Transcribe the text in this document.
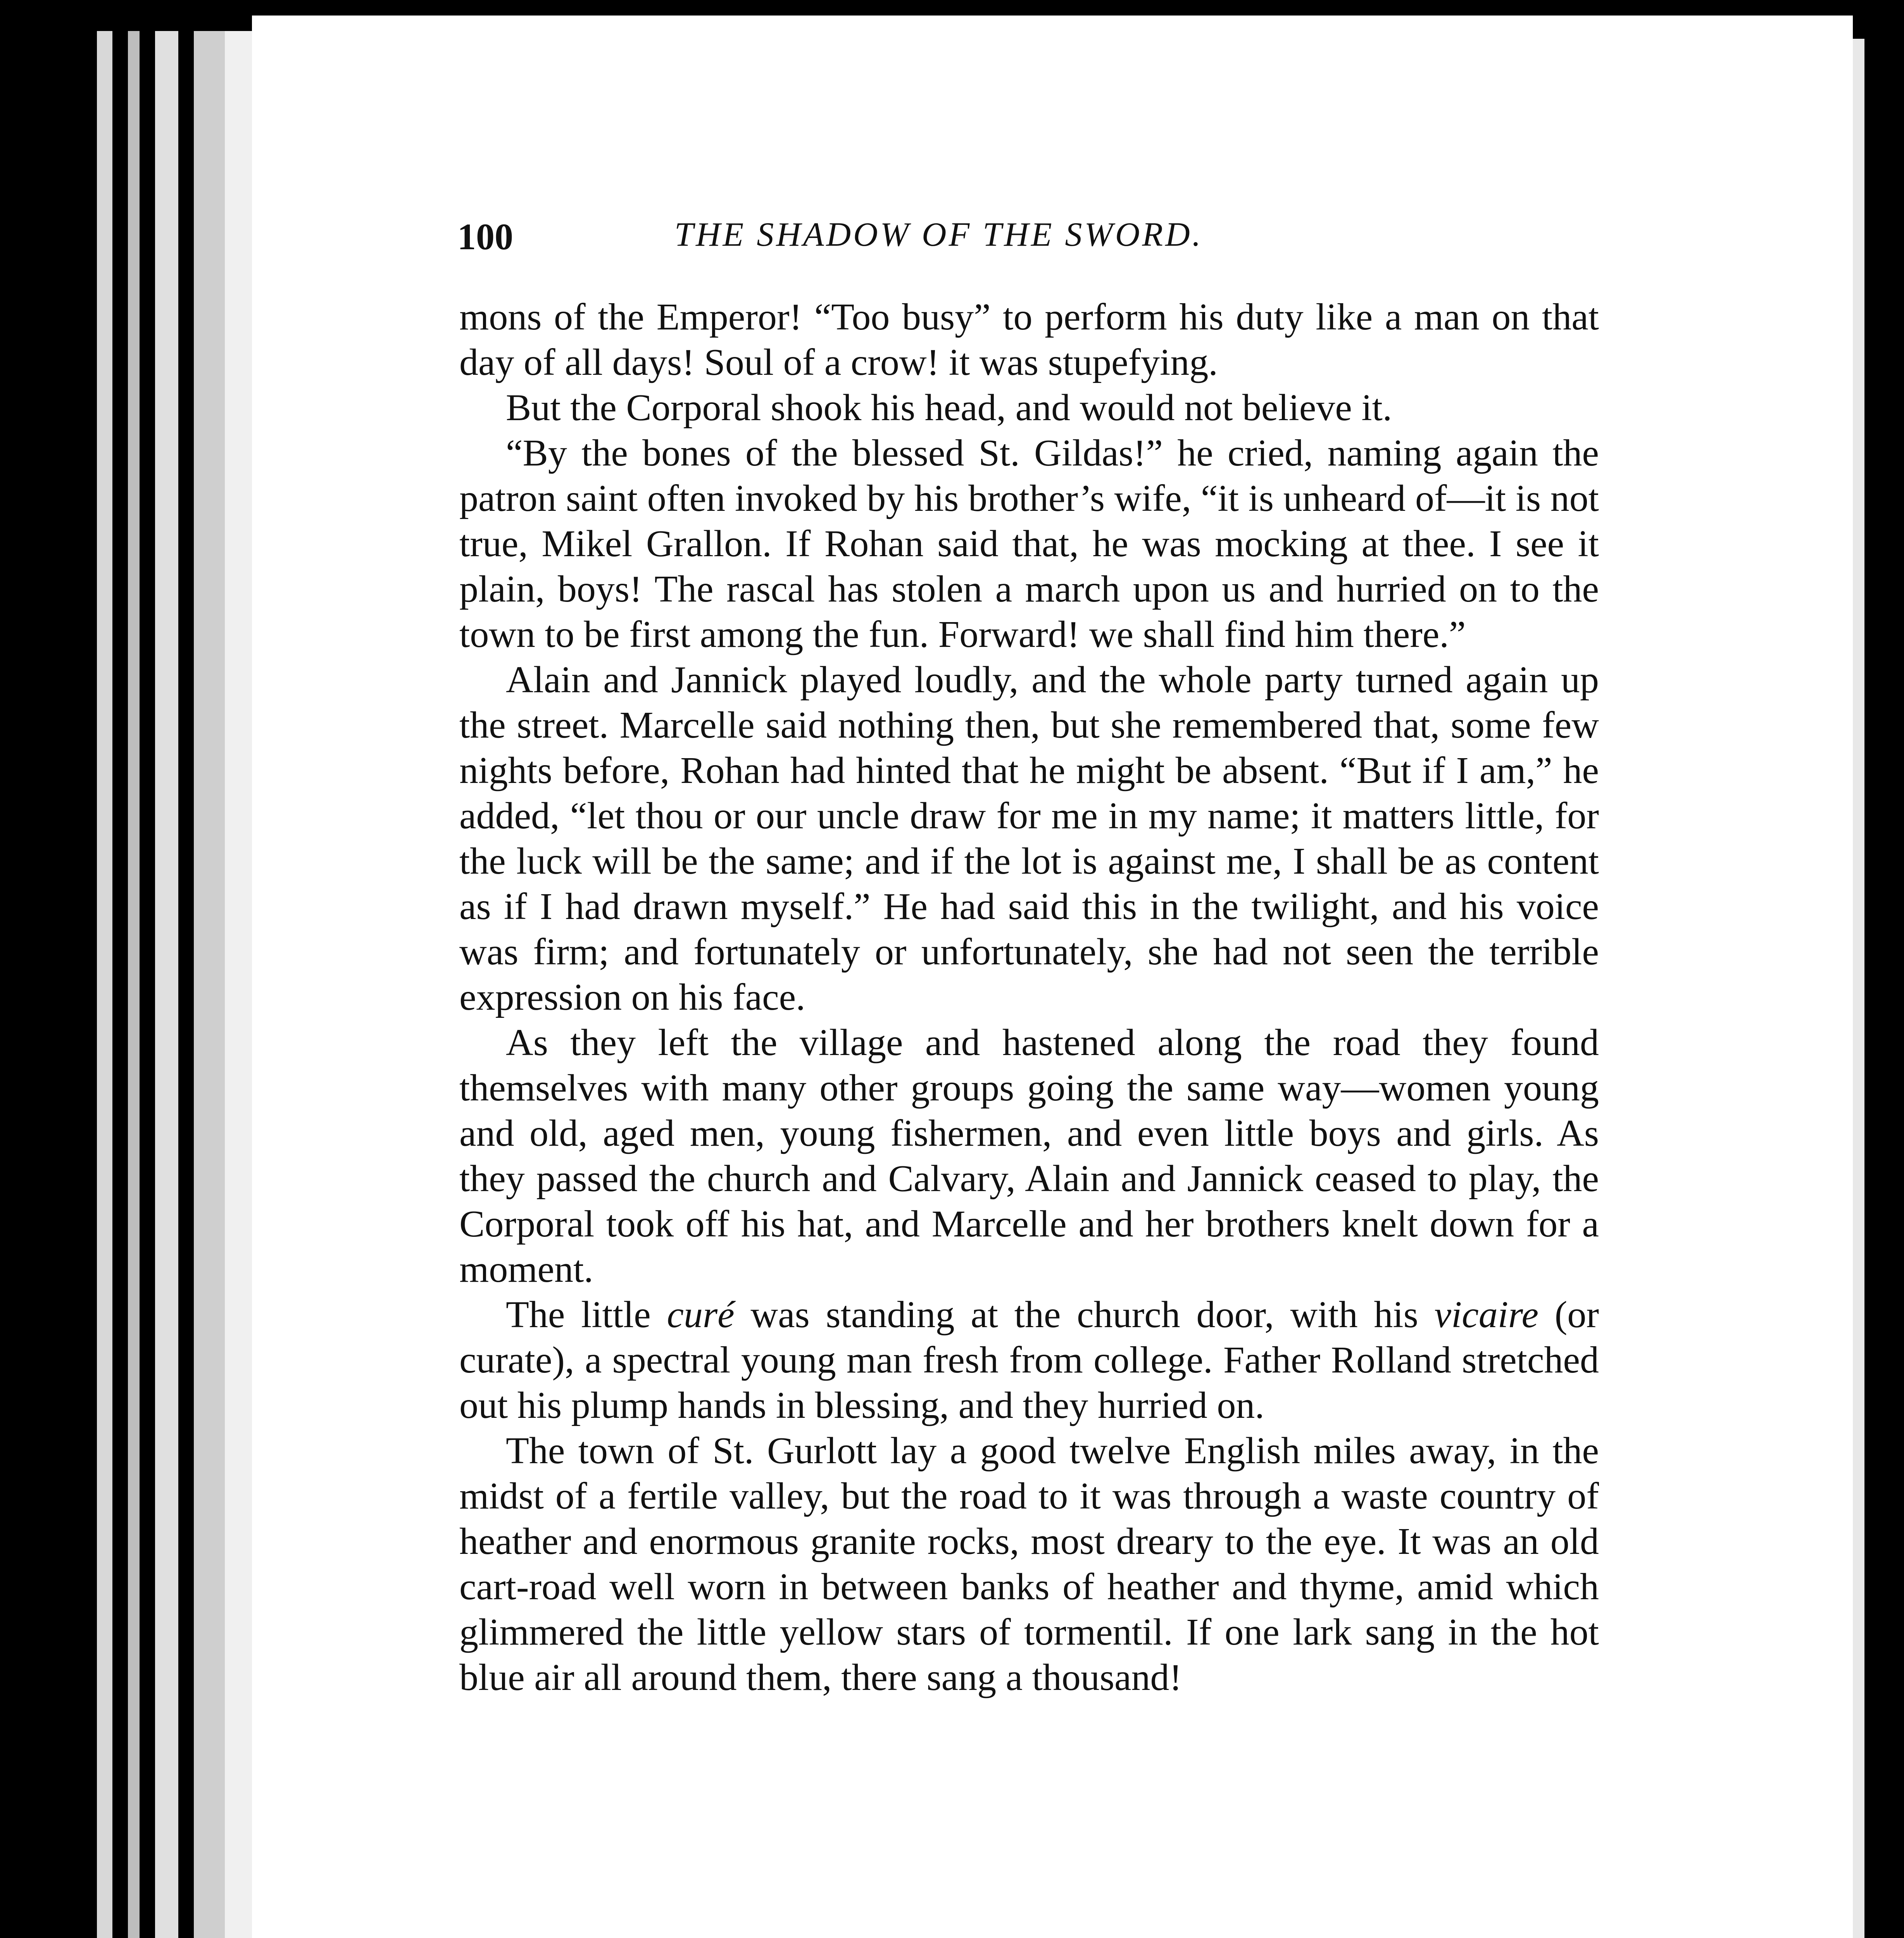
100	THE SHADOW OF THE SWORD.

mons of the Emperor! “Too busy” to perform his duty like a man on that day of all days! Soul of a crow! it was stupefying.

But the Corporal shook his head, and would not believe it.

“By the bones of the blessed St. Gildas!” he cried, naming again the patron saint often invoked by his brother’s wife, “it is unheard of—it is not true, Mikel Grallon. If Rohan said that, he was mocking at thee. I see it plain, boys! The rascal has stolen a march upon us and hurried on to the town to be first among the fun. Forward! we shall find him there.”

Alain and Jannick played loudly, and the whole party turned again up the street. Marcelle said nothing then, but she remembered that, some few nights before, Rohan had hinted that he might be absent. “But if I am,” he added, “let thou or our uncle draw for me in my name; it matters little, for the luck will be the same; and if the lot is against me, I shall be as content as if I had drawn myself.” He had said this in the twilight, and his voice was firm; and fortunately or unfortunately, she had not seen the terrible expression on his face.

As they left the village and hastened along the road they found themselves with many other groups going the same way—women young and old, aged men, young fishermen, and even little boys and girls. As they passed the church and Calvary, Alain and Jannick ceased to play, the Corporal took off his hat, and Marcelle and her brothers knelt down for a moment.

The little curé was standing at the church door, with his vicaire (or curate), a spectral young man fresh from college. Father Rolland stretched out his plump hands in blessing, and they hurried on.

The town of St. Gurlott lay a good twelve English miles away, in the midst of a fertile valley, but the road to it was through a waste country of heather and enormous granite rocks, most dreary to the eye. It was an old cart-road well worn in between banks of heather and thyme, amid which glimmered the little yellow stars of tormentil. If one lark sang in the hot blue air all around them, there sang a thousand!
